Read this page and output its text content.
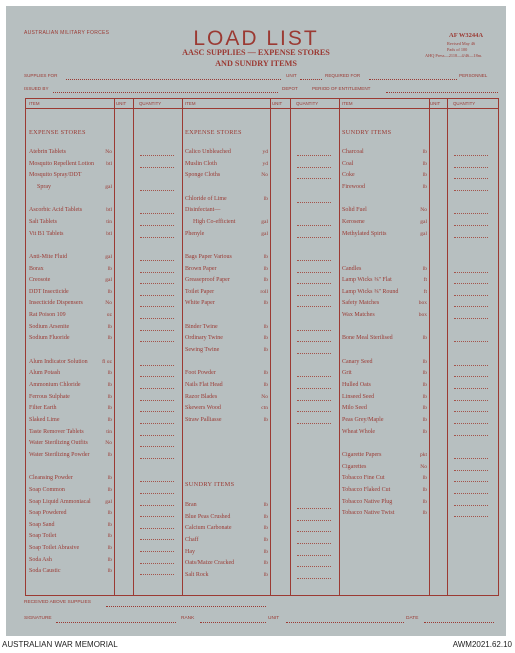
AUSTRALIAN MILITARY FORCES	LOAD LIST
AASC SUPPLIES — EXPENSE STORES
AND SUNDRY ITEMS
AF W3244A
Revised May 46
Pads of 100
AHQ Press—2118—4/46—18m.
SUPPLIES FOR	UNIT	REQUIRED FOR	PERSONNEL
ISSUED BY	DEPOT	PERIOD OF ENTITLEMENT
ITEM	UNIT	QUANTITY	ITEM	UNIT	QUANTITY	ITEM	UNIT	QUANTITY
EXPENSE STORES	EXPENSE STORES	SUNDRY ITEMS
SUNDRY ITEMS
Atebrin Tablets	No
Mosquito Repellent Lotion	btl
Mosquito Spray/DDT
Spray	gal
Ascorbic Acid Tablets	btl
Salt Tablets	tin
Vit B1 Tablets	btl
Anti-Mite Fluid	gal
Borax	lb
Creosote	gal
DDT Insecticide	lb
Insecticide Dispensers	No
Rat Poison 109	oz
Sodium Arsenite	lb
Sodium Fluoride	lb
Alum Indicator Solution	fl oz
Alum Potash	lb
Ammonium Chloride	lb
Ferrous Sulphate	lb
Filter Earth	lb
Slaked Lime	lb
Taste Remover Tablets	tin
Water Sterilizing Outfits	No
Water Sterilizing Powder	lb
Cleansing Powder	lb
Soap Common	lb
Soap Liquid Ammoniacal	gal
Soap Powdered	lb
Soap Sand	lb
Soap Toilet	lb
Soap Toilet Abrasive	lb
Soda Ash	lb
Soda Caustic	lb
Calico Unbleached	yd
Muslin Cloth	yd
Sponge Cloths	No
Chloride of Lime	lb
Disinfectant—
High Co-efficient	gal
Phenyle	gal
Bags Paper Various	lb
Brown Paper	lb
Greaseproof Paper	lb
Toilet Paper	roll
White Paper	lb
Binder Twine	lb
Ordinary Twine	lb
Sewing Twine	lb
Foot Powder	lb
Nails Flat Head	lb
Razor Blades	No
Skewers Wood	ctn
Straw Palliasse	lb
Charcoal	lb
Coal	lb
Coke	lb
Firewood	lb
Solid Fuel	No
Kerosene	gal
Methylated Spirits	gal
Candles	lb
Lamp Wicks ⅜" Flat	ft
Lamp Wicks ⅜" Round	ft
Safety Matches	box
Wax Matches	box
Bone Meal Sterilised	lb
Canary Seed	lb
Grit	lb
Hulled Oats	lb
Linseed Seed	lb
Milo Seed	lb
Peas Grey/Maple	lb
Wheat Whole	lb
Cigarette Papers	pkt
Cigarettes	No
Tobacco Fine Cut	lb
Tobacco Flaked Cut	lb
Tobacco Native Plug	lb
Tobacco Native Twist	lb
Bran	lb
Blue Peas Crushed	lb
Calcium Carbonate	lb
Chaff	lb
Hay	lb
Oats/Maize Cracked	lb
Salt Rock	lb
RECEIVED ABOVE SUPPLIES
SIGNATURE	RANK	UNIT	DATE
AUSTRALIAN WAR MEMORIAL	AWM2021.62.10
